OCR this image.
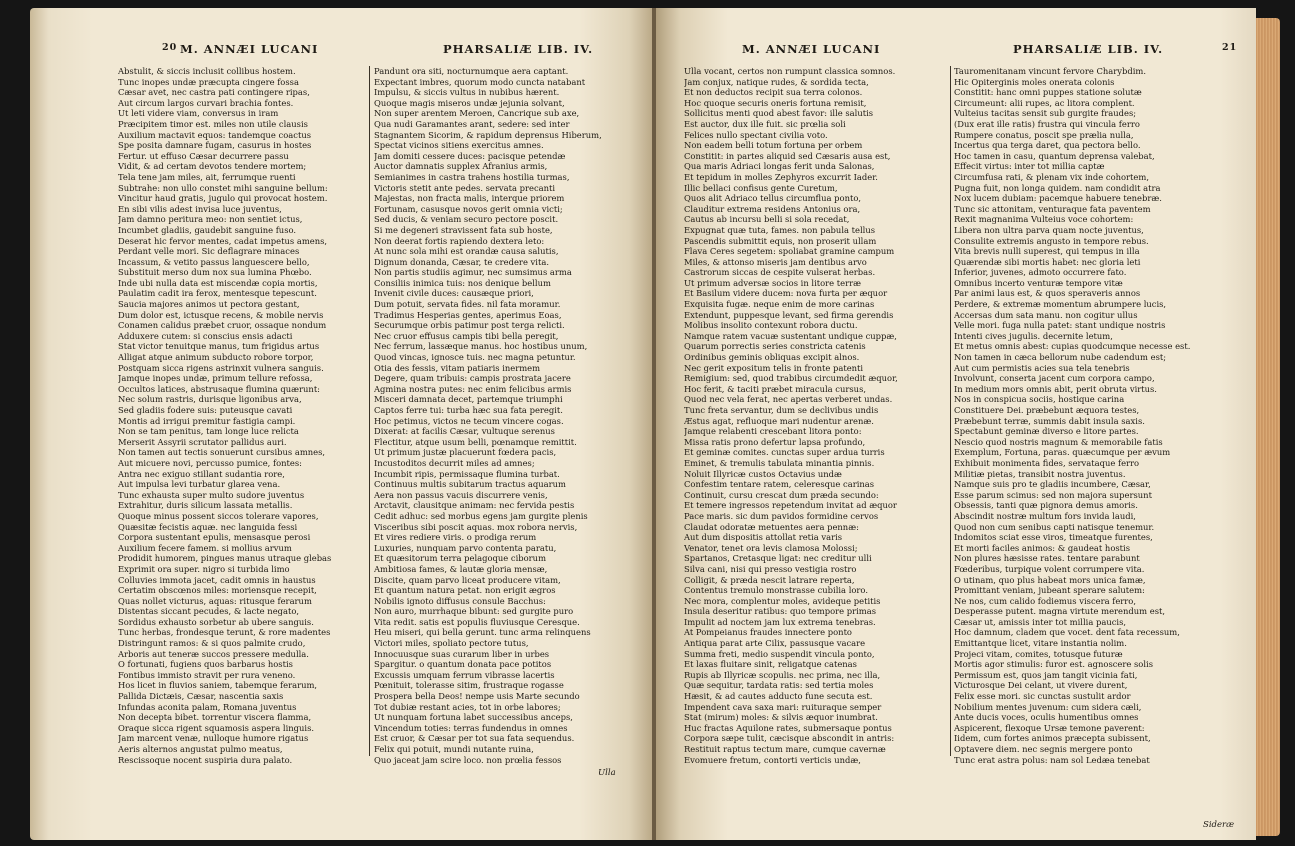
20 M. ANNÆI LUCANI	PHARSALIÆ LIB. IV.
Abstulit, & siccis inclusit collibus hostem.
Tunc inopes undæ præcupta cingere fossa
Cæsar avet, nec castra pati contingere ripas,
Aut circum largos curvari brachia fontes.
Ut leti videre viam, conversus in iram
Præcipitem timor est. miles non utile clausis
Auxilium mactavit equos: tandemque coactus
Spe posita damnare fugam, casurus in hostes
Fertur. ut effuso Cæsar decurrere passu
Vidit, & ad certam devotos tendere mortem;
Tela tene jam miles, ait, ferrumque ruenti
Subtrahe: non ullo constet mihi sanguine bellum:
Vincitur haud gratis, jugulo qui provocat hostem.
En sibi vilis adest invisa luce juventus,
Jam damno peritura meo: non sentiet ictus,
Incumbet gladiis, gaudebit sanguine fuso.
Deserat hic fervor mentes, cadat impetus amens,
Perdant velle mori. Sic deflagrare minaces
Incassum, & vetito passus languescere bello,
Substituit merso dum nox sua lumina Phœbo.
Inde ubi nulla data est miscendæ copia mortis,
Paulatim cadit ira ferox, mentesque tepescunt.
Saucia majores animos ut pectora gestant,
Dum dolor est, ictusque recens, & mobile nervis
Conamen calidus præbet cruor, ossaque nondum
Adduxere cutem: si conscius ensis adacti
Stat victor tenuitque manus, tum frigidus artus
Alligat atque animum subducto robore torpor,
Postquam sicca rigens astrinxit vulnera sanguis.
Jamque inopes undæ, primum tellure refossa,
Occultos latices, abstrusaque flumina quærunt:
Nec solum rastris, durisque ligonibus arva,
Sed gladiis fodere suis: puteusque cavati
Montis ad irrigui premitur fastigia campi.
Non se tam penitus, tam longe luce relicta
Merserit Assyrii scrutator pallidus auri.
Non tamen aut tectis sonuerunt cursibus amnes,
Aut micuere novi, percusso pumice, fontes:
Antra nec exiguo stillant sudantia rore,
Aut impulsa levi turbatur glarea vena.
Tunc exhausta super multo sudore juventus
Extrahitur, duris silicum lassata metallis.
Quoque minus possent siccos tolerare vapores,
Quæsitæ fecistis aquæ. nec languida fessi
Corpora sustentant epulis, mensasque perosi
Auxilium fecere famem. si mollius arvum
Prodidit humorem, pingues manus utraque glebas
Exprimit ora super. nigro si turbida limo
Colluvies immota jacet, cadit omnis in haustus
Certatim obscœnos miles: moriensque recepit,
Quas nollet victurus, aquas: ritusque ferarum
Distentas siccant pecudes, & lacte negato,
Sordidus exhausto sorbetur ab ubere sanguis.
Tunc herbas, frondesque terunt, & rore madentes
Distringunt ramos: & si quos palmite crudo,
Arboris aut teneræ succos pressere medulla.
O fortunati, fugiens quos barbarus hostis
Fontibus immisto stravit per rura veneno.
Hos licet in fluvios saniem, tabemque ferarum,
Pallida Dictæis, Cæsar, nascentia saxis
Infundas aconita palam, Romana juventus
Non decepta bibet. torrentur viscera flamma,
Oraque sicca rigent squamosis aspera linguis.
Jam marcent venæ, nulloque humore rigatus
Aeris alternos angustat pulmo meatus,
Rescissoque nocent suspiria dura palato.
Pandunt ora siti, nocturnumque aera captant.
Expectant imbres, quorum modo cuncta natabant
Impulsu, & siccis vultus in nubibus hærent.
Quoque magis miseros undæ jejunia solvant,
Non super arentem Meroen, Cancrique sub axe,
Qua nudi Garamantes arant, sedere: sed inter
Stagnantem Sicorim, & rapidum deprensus Hiberum,
Spectat vicinos sitiens exercitus amnes.
Jam domiti cessere duces: pacisque petendæ
Auctor damnatis supplex Afranius armis,
Semianimes in castra trahens hostilia turmas,
Victoris stetit ante pedes. servata precanti
Majestas, non fracta malis, interque priorem
Fortunam, casusque novos gerit omnia victi;
Sed ducis, & veniam securo pectore poscit.
Si me degeneri stravissent fata sub hoste,
Non deerat fortis rapiendo dextera leto:
At nunc sola mihi est orandæ causa salutis,
Dignum donanda, Cæsar, te credere vita.
Non partis studiis agimur, nec sumsimus arma
Consiliis inimica tuis: nos denique bellum
Invenit civile duces: causæque priori,
Dum potuit, servata fides. nil fata moramur.
Tradimus Hesperias gentes, aperimus Eoas,
Securumque orbis patimur post terga relicti.
Nec cruor effusus campis tibi bella peregit,
Nec ferrum, lassæque manus. hoc hostibus unum,
Quod vincas, ignosce tuis. nec magna petuntur.
Otia des fessis, vitam patiaris inermem
Degere, quam tribuis: campis prostrata jacere
Agmina nostra putes: nec enim felicibus armis
Misceri damnata decet, partemque triumphi
Captos ferre tui: turba hæc sua fata peregit.
Hoc petimus, victos ne tecum vincere cogas.
Dixerat: at facilis Cæsar, vultuque serenus
Flectitur, atque usum belli, pœnamque remittit.
Ut primum justæ placuerunt fœdera pacis,
Incustoditos decurrit miles ad amnes;
Incumbit ripis, permissaque flumina turbat.
Continuus multis subitarum tractus aquarum
Aera non passus vacuis discurrere venis,
Arctavit, clausitque animam: nec fervida pestis
Cedit adhuc: sed morbus egens jam gurgite plenis
Visceribus sibi poscit aquas. mox robora nervis,
Et vires rediere viris. o prodiga rerum
Luxuries, nunquam parvo contenta paratu,
Et quæsitorum terra pelagoque ciborum
Ambitiosa fames, & lautæ gloria mensæ,
Discite, quam parvo liceat producere vitam,
Et quantum natura petat. non erigit ægros
Nobilis ignoto diffusus consule Bacchus:
Non auro, murrhaque bibunt: sed gurgite puro
Vita redit. satis est populis fluviusque Ceresque.
Heu miseri, qui bella gerunt. tunc arma relinquens
Victori miles, spoliato pectore tutus,
Innocuusque suas curarum liber in urbes
Spargitur. o quantum donata pace potitos
Excussis umquam ferrum vibrasse lacertis
Pœnituit, tolerasse sitim, frustraque rogasse
Prospera bella Deos! nempe usis Marte secundo
Tot dubiæ restant acies, tot in orbe labores;
Ut nunquam fortuna labet successibus anceps,
Vincendum toties: terras fundendus in omnes
Est cruor, & Cæsar per tot sua fata sequendus.
Felix qui potuit, mundi nutante ruina,
Quo jaceat jam scire loco. non prœlia fessos
Ulla
M. ANNÆI LUCANI	PHARSALIÆ LIB. IV.	21
Ulla vocant, certos non rumpunt classica somnos.
Jam conjux, natique rudes, & sordida tecta,
Et non deductos recipit sua terra colonos.
Hoc quoque securis oneris fortuna remisit,
Sollicitus menti quod abest favor: ille salutis
Est auctor, dux ille fuit. sic prœlia soli
Felices nullo spectant civilia voto.
Non eadem belli totum fortuna per orbem
Constitit: in partes aliquid sed Cæsaris ausa est,
Qua maris Adriaci longas ferit unda Salonas,
Et tepidum in molles Zephyros excurrit Iader.
Illic bellaci confisus gente Curetum,
Quos alit Adriaco tellus circumflua ponto,
Clauditur extrema residens Antonius ora,
Cautus ab incursu belli si sola recedat,
Expugnat quæ tuta, fames. non pabula tellus
Pascendis submittit equis, non proserit ullam
Flava Ceres segetem: spoliabat gramine campum
Miles, & attonso miseris jam dentibus arvo
Castrorum siccas de cespite vulserat herbas.
Ut primum adversæ socios in litore terræ
Et Basilum videre ducem: nova furta per æquor
Exquisita fugæ. neque enim de more carinas
Extendunt, puppesque levant, sed firma gerendis
Molibus insolito contexunt robora ductu.
Namque ratem vacuæ sustentant undique cuppæ,
Quarum porrectis series constricta catenis
Ordinibus geminis obliquas excipit alnos.
Nec gerit expositum telis in fronte patenti
Remigium: sed, quod trabibus circumdedit æquor,
Hoc ferit, & taciti præbet miracula cursus,
Quod nec vela ferat, nec apertas verberet undas.
Tunc freta servantur, dum se declivibus undis
Æstus agat, refluoque mari nudentur arenæ.
Jamque relabenti crescebant litora ponto:
Missa ratis prono defertur lapsa profundo,
Et geminæ comites. cunctas super ardua turris
Eminet, & tremulis tabulata minantia pinnis.
Noluit Illyricæ custos Octavius undæ
Confestim tentare ratem, celeresque carinas
Continuit, cursu crescat dum præda secundo:
Et temere ingressos repetendum invitat ad æquor
Pace maris. sic dum pavidos formidine cervos
Claudat odoratæ metuentes aera pennæ:
Aut dum dispositis attollat retia varis
Venator, tenet ora levis clamosa Molossi;
Spartanos, Cretasque ligat: nec creditur ulli
Silva cani, nisi qui presso vestigia rostro
Colligit, & præda nescit latrare reperta,
Contentus tremulo monstrasse cubilia loro.
Nec mora, complentur moles, avideque petitis
Insula deseritur ratibus: quo tempore primas
Impulit ad noctem jam lux extrema tenebras.
At Pompeianus fraudes innectere ponto
Antiqua parat arte Cilix, passusque vacare
Summa freti, medio suspendit vincula ponto,
Et laxas fluitare sinit, religatque catenas
Rupis ab Illyricæ scopulis. nec prima, nec illa,
Quæ sequitur, tardata ratis: sed tertia moles
Hæsit, & ad cautes adducto fune secuta est.
Impendent cava saxa mari: ruituraque semper
Stat (mirum) moles: & silvis æquor inumbrat.
Huc fractas Aquilone rates, submersaque pontus
Corpora sæpe tulit, cæcisque abscondit in antris:
Restituit raptus tectum mare, cumque cavernæ
Evomuere fretum, contorti verticis undæ,
Tauromenitanam vincunt fervore Charybdim.
Hic Opiterginis moles onerata colonis
Constitit: hanc omni puppes statione solutæ
Circumeunt: alii rupes, ac litora complent.
Vulteius tacitas sensit sub gurgite fraudes;
(Dux erat ille ratis) frustra qui vincula ferro
Rumpere conatus, poscit spe prælia nulla,
Incertus qua terga daret, qua pectora bello.
Hoc tamen in casu, quantum deprensa valebat,
Effecit virtus: inter tot millia captæ
Circumfusa rati, & plenam vix inde cohortem,
Pugna fuit, non longa quidem. nam condidit atra
Nox lucem dubiam: pacemque habuere tenebræ.
Tunc sic attonitam, venturaque fata paventem
Rexit magnanima Vulteius voce cohortem:
Libera non ultra parva quam nocte juventus,
Consulite extremis angusto in tempore rebus.
Vita brevis nulli superest, qui tempus in illa
Quærendæ sibi mortis habet: nec gloria leti
Inferior, juvenes, admoto occurrere fato.
Omnibus incerto venturæ tempore vitæ
Par animi laus est, & quos speraveris annos
Perdere, & extremæ momentum abrumpere lucis,
Accersas dum sata manu. non cogitur ullus
Velle mori. fuga nulla patet: stant undique nostris
Intenti cives jugulis. decernite letum,
Et metus omnis abest: cupias quodcumque necesse est.
Non tamen in cæca bellorum nube cadendum est;
Aut cum permistis acies sua tela tenebris
Involvunt, conserta jacent cum corpora campo,
In medium mors omnis abit, perit obruta virtus.
Nos in conspicua sociis, hostique carina
Constituere Dei. præbebunt æquora testes,
Præbebunt terræ, summis dabit insula saxis.
Spectabunt geminæ diverso e litore partes.
Nescio quod nostris magnum & memorabile fatis
Exemplum, Fortuna, paras. quæcumque per ævum
Exhibuit monimenta fides, servataque ferro
Militiæ pietas, transibit nostra juventus.
Namque suis pro te gladiis incumbere, Cæsar,
Esse parum scimus: sed non majora supersunt
Obsessis, tanti quæ pignora demus amoris.
Abscindit nostræ multum fors invida laudi,
Quod non cum senibus capti natisque tenemur.
Indomitos sciat esse viros, timeatque furentes,
Et morti faciles animos: & gaudeat hostis
Non plures hæsisse rates. tentare parabunt
Fœderibus, turpique volent corrumpere vita.
O utinam, quo plus habeat mors unica famæ,
Promittant veniam, jubeant sperare salutem:
Ne nos, cum calido fodiemus viscera ferro,
Desperasse putent. magna virtute merendum est,
Cæsar ut, amissis inter tot millia paucis,
Hoc damnum, cladem que vocet. dent fata recessum,
Emittantque licet, vitare instantia nolim.
Projeci vitam, comites, totusque futuræ
Mortis agor stimulis: furor est. agnoscere solis
Permissum est, quos jam tangit vicinia fati,
Victurosque Dei celant, ut vivere durent,
Felix esse mori. sic cunctas sustulit ardor
Nobilium mentes juvenum: cum sidera cæli,
Ante ducis voces, oculis humentibus omnes
Aspicerent, flexoque Ursæ temone paverent:
Iidem, cum fortes animos præcepta subissent,
Optavere diem. nec segnis mergere ponto
Tunc erat astra polus: nam sol Ledæa tenebat
Sideræ
